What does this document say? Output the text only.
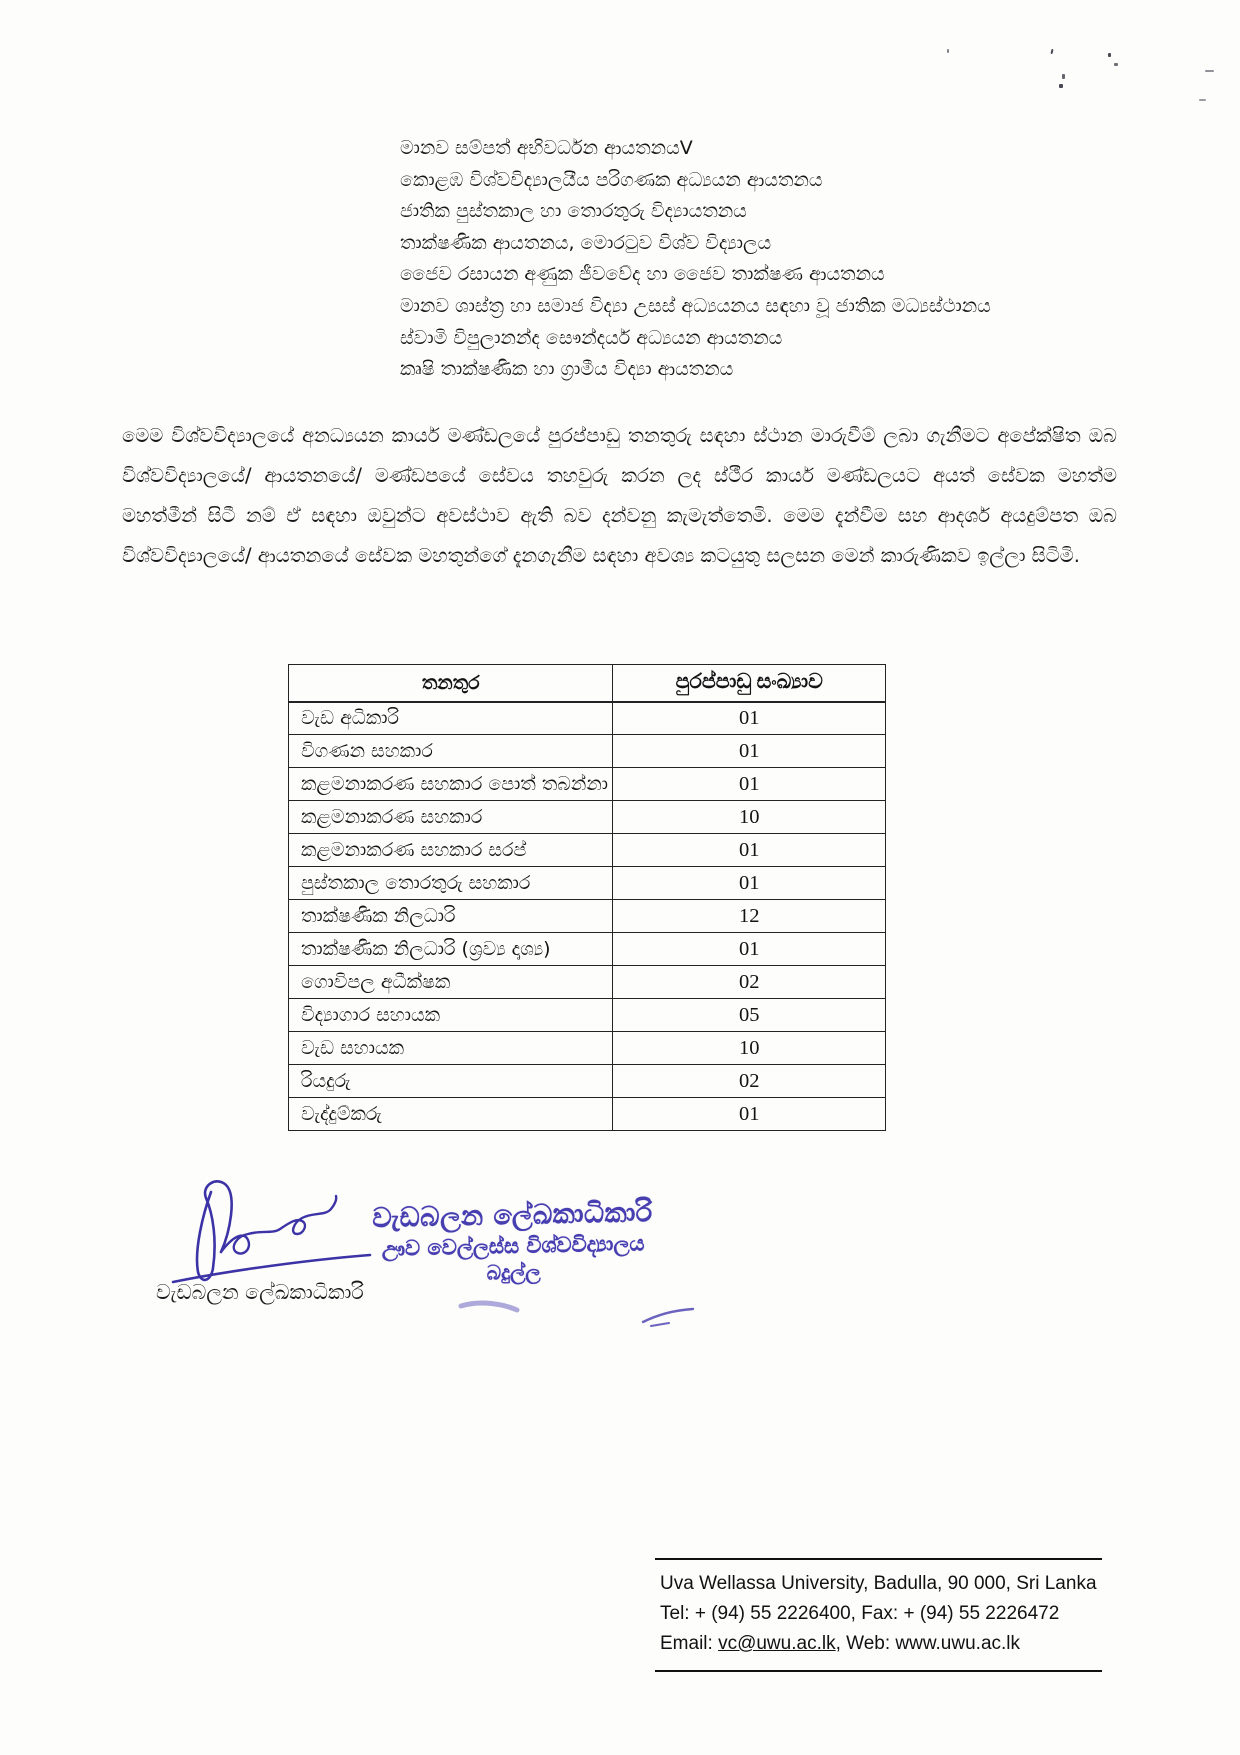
මානව සම්පත් අභිවර්ධන ආයතනයV
කොළඹ විශ්වවිද්‍යාලයීය පරිගණක අධ්‍යයන ආයතනය
ජාතික පුස්තකාල හා තොරතුරු විද්‍යායතනය
තාක්ෂණික ආයතනය, මොරටුව විශ්ව විද්‍යාලය
ජෛව රසායන අණුක ජීවවේද හා ජෛව තාක්ෂණ ආයතනය
මානව ශාස්ත්‍ර හා සමාජ විද්‍යා උසස් අධ්‍යයනය සඳහා වූ ජාතික මධ්‍යස්ථානය
ස්වාමි විපුලානන්ද සෞන්දර්ය අධ්‍යයන ආයතනය
කෘෂි තාක්ෂණික හා ග්‍රාමීය විද්‍යා ආයතනය
මෙම විශ්වවිද්‍යාලයේ අනධ්‍යයන කාර්ය මණ්ඩලයේ පුරප්පාඩු තනතුරු සඳහා ස්ථාන මාරුවීම් ලබා ගැනීමට අපේක්ෂිත ඔබ විශ්වවිද්‍යාලයේ/ ආයතනයේ/ මණ්ඩපයේ සේවය තහවුරු කරන ලද ස්ථීර කාර්ය මණ්ඩලයට අයත් සේවක මහත්ම මහත්මීන් සිටී නම් ඒ සඳහා ඔවුන්ට අවස්ථාව ඇති බව දන්වනු කැමැත්තෙමි. මෙම දැන්වීම සහ ආදර්ශ අයදුම්පත ඔබ විශ්වවිද්‍යාලයේ/ ආයතනයේ සේවක මහතුන්ගේ දැනගැනීම සඳහා අවශ්‍ය කටයුතු සලසන මෙන් කාරුණිකව ඉල්ලා සිටිමි.
තනතුර	පුරප්පාඩු සංඛ්‍යාව
වැඩ අධිකාරි	01
විගණන සහකාර	01
කළමනාකරණ සහකාර පොත් තබන්නා	01
කළමනාකරණ සහකාර	10
කළමනාකරණ සහකාර සරප්	01
පුස්තකාල තොරතුරු සහකාර	01
තාක්ෂණික නිලධාරි	12
තාක්ෂණික නිලධාරි (ශ්‍රව්‍ය දෘශ්‍ය)	01
ගොවිපල අධීක්ෂක	02
විද්‍යාගාර සහායක	05
වැඩ සහායක	10
රියදුරු	02
වැද්දුම්කරු	01
වැඩබලන ලේඛකාධිකාරි
වැඩබලන ලේඛකාධිකාරි
ඌව වෙල්ලස්ස විශ්වවිද්‍යාලය
බදුල්ල
Uva Wellassa University, Badulla, 90 000, Sri Lanka
Tel: + (94) 55 2226400, Fax: + (94) 55 2226472
Email: vc@uwu.ac.lk, Web: www.uwu.ac.lk
